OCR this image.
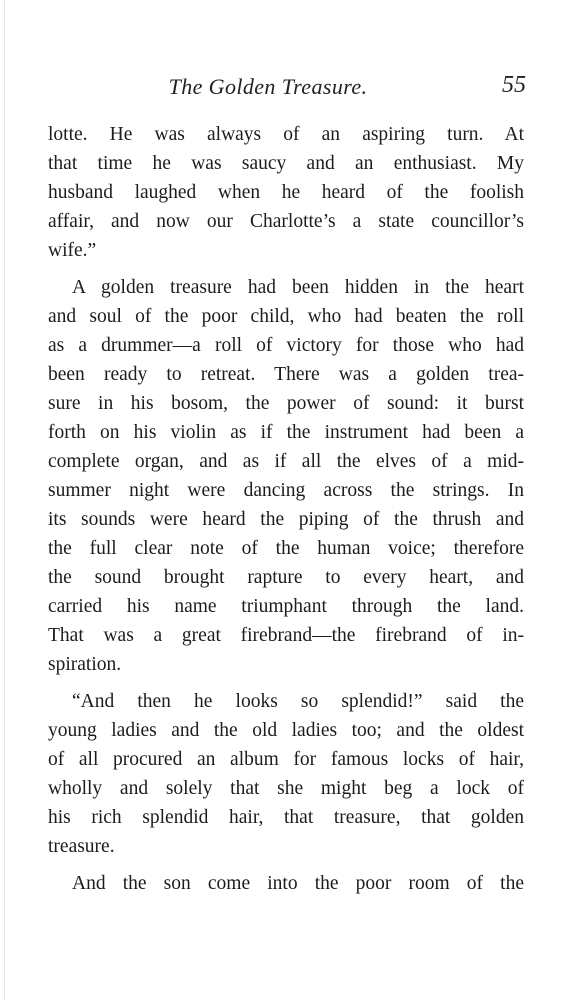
The Golden Treasure.	55
lotte. He was always of an aspiring turn. At
that time he was saucy and an enthusiast. My
husband laughed when he heard of the foolish
affair, and now our Charlotte’s a state councillor’s
wife.”
A golden treasure had been hidden in the heart
and soul of the poor child, who had beaten the roll
as a drummer—a roll of victory for those who had
been ready to retreat. There was a golden trea-
sure in his bosom, the power of sound: it burst
forth on his violin as if the instrument had been a
complete organ, and as if all the elves of a mid-
summer night were dancing across the strings. In
its sounds were heard the piping of the thrush and
the full clear note of the human voice; therefore
the sound brought rapture to every heart, and
carried his name triumphant through the land.
That was a great firebrand—the firebrand of in-
spiration.
“And then he looks so splendid!” said the
young ladies and the old ladies too; and the oldest
of all procured an album for famous locks of hair,
wholly and solely that she might beg a lock of
his rich splendid hair, that treasure, that golden
treasure.
And the son come into the poor room of the
